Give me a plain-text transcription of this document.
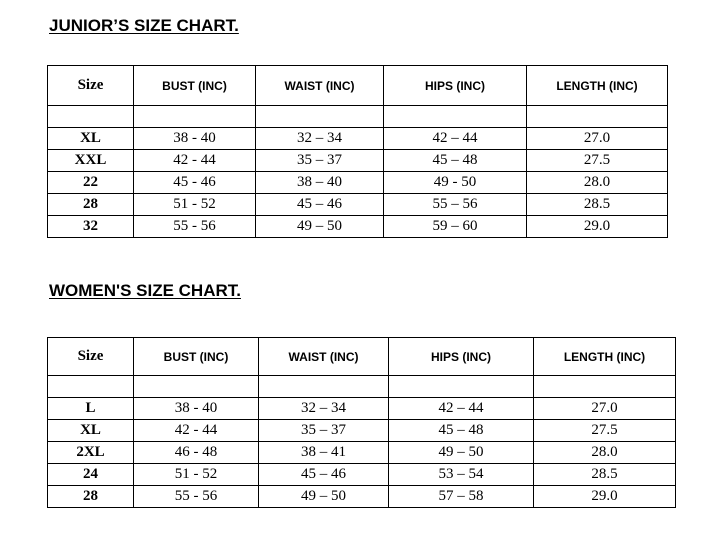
JUNIOR’S SIZE CHART.
Size	BUST (INC)	WAIST (INC)	HIPS (INC)	LENGTH (INC)

XL	38 - 40	32 – 34	42 – 44	27.0
XXL	42 - 44	35 – 37	45 – 48	27.5
22	45 - 46	38 – 40	49 - 50	28.0
28	51 - 52	45 – 46	55 – 56	28.5
32	55 - 56	49 – 50	59 – 60	29.0
WOMEN'S SIZE CHART.
Size	BUST (INC)	WAIST (INC)	HIPS (INC)	LENGTH (INC)

L	38 - 40	32 – 34	42 – 44	27.0
XL	42 - 44	35 – 37	45 – 48	27.5
2XL	46 - 48	38 – 41	49 – 50	28.0
24	51 - 52	45 – 46	53 – 54	28.5
28	55 - 56	49 – 50	57 – 58	29.0
